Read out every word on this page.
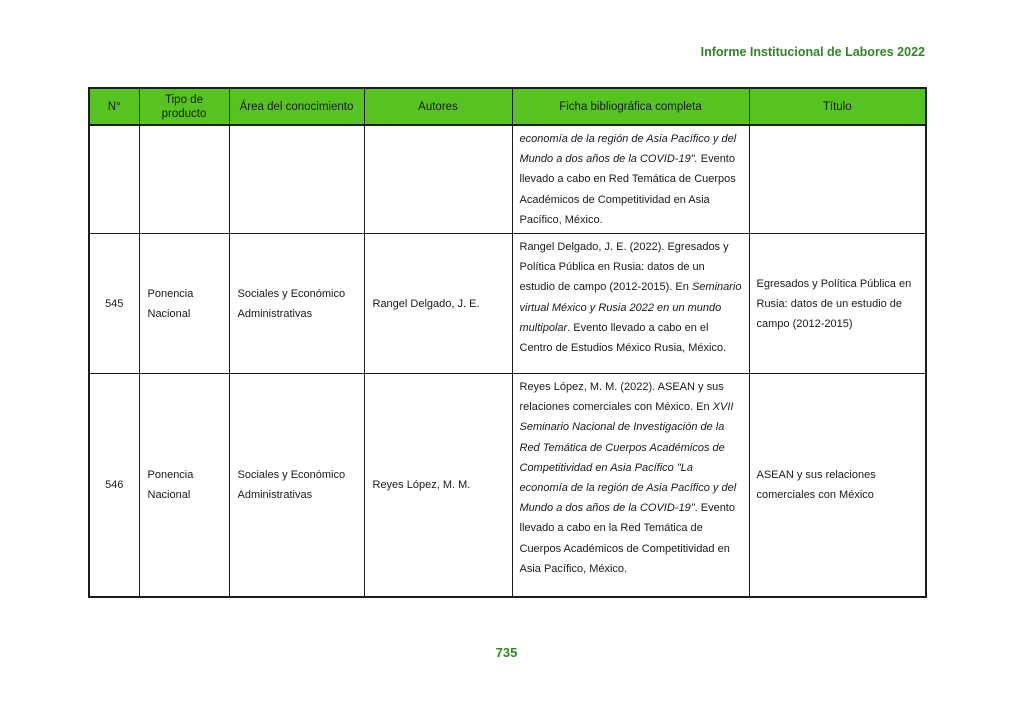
Informe Institucional de Labores 2022
N°	Tipo de producto	Área del conocimiento	Autores	Ficha bibliográfica completa	Título
				economía de la región de Asia Pacífico y del Mundo a dos años de la COVID-19". Evento llevado a cabo en Red Temática de Cuerpos Académicos de Competitividad en Asia Pacífico, México.	
545	Ponencia Nacional	Sociales y Económico Administrativas	Rangel Delgado, J. E.	Rangel Delgado, J. E. (2022). Egresados y Política Pública en Rusia: datos de un estudio de campo (2012-2015). En Seminario virtual México y Rusia 2022 en un mundo multipolar. Evento llevado a cabo en el Centro de Estudios México Rusia, México.	Egresados y Política Pública en Rusia: datos de un estudio de campo (2012-2015)
546	Ponencia Nacional	Sociales y Económico Administrativas	Reyes López, M. M.	Reyes López, M. M. (2022). ASEAN y sus relaciones comerciales con México. En XVII Seminario Nacional de Investigación de la Red Temática de Cuerpos Académicos de Competitividad en Asia Pacífico "La economía de la región de Asia Pacífico y del Mundo a dos años de la COVID-19". Evento llevado a cabo en la Red Temática de Cuerpos Académicos de Competitividad en Asia Pacífico, México.	ASEAN y sus relaciones comerciales con México
735
